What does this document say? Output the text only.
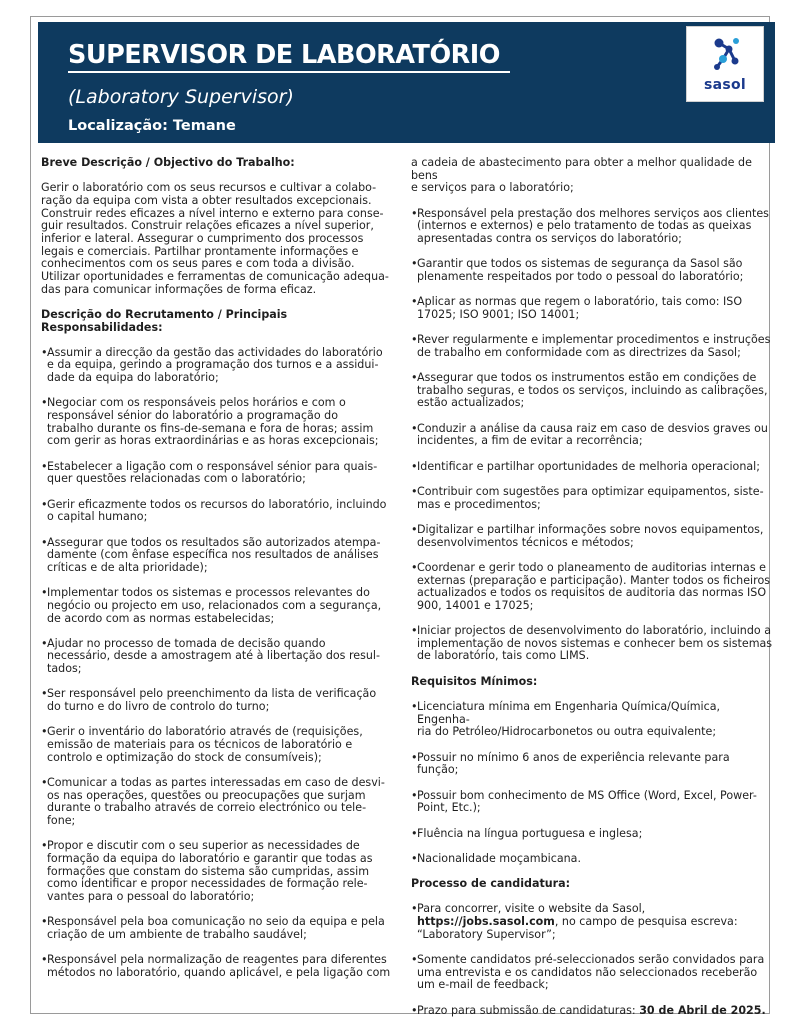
SUPERVISOR DE LABORATÓRIO
(Laboratory Supervisor)
Localização: Temane
sasol

Breve Descrição / Objectivo do Trabalho:

Gerir o laboratório com os seus recursos e cultivar a colabo-

ração da equipa com vista a obter resultados excepcionais.

Construir redes eficazes a nível interno e externo para conse-

guir resultados. Construir relações eficazes a nível superior,

inferior e lateral. Assegurar o cumprimento dos processos

legais e comerciais. Partilhar prontamente informações e

conhecimentos com os seus pares e com toda a divisão.

Utilizar oportunidades e ferramentas de comunicação adequa-

das para comunicar informações de forma eficaz.

Descrição do Recrutamento / Principais Responsabilidades:

• Assumir a direcção da gestão das actividades do laboratório

e da equipa, gerindo a programação dos turnos e a assidui-

dade da equipa do laboratório;

• Negociar com os responsáveis pelos horários e com o

responsável sénior do laboratório a programação do

trabalho durante os fins-de-semana e fora de horas; assim

com gerir as horas extraordinárias e as horas excepcionais;

• Estabelecer a ligação com o responsável sénior para quais-

quer questões relacionadas com o laboratório;

• Gerir eficazmente todos os recursos do laboratório, incluindo

o capital humano;

• Assegurar que todos os resultados são autorizados atempa-

damente (com ênfase específica nos resultados de análises

críticas e de alta prioridade);

• Implementar todos os sistemas e processos relevantes do

negócio ou projecto em uso, relacionados com a segurança,

de acordo com as normas estabelecidas;

• Ajudar no processo de tomada de decisão quando

necessário, desde a amostragem até à libertação dos resul-

tados;

• Ser responsável pelo preenchimento da lista de verificação

do turno e do livro de controlo do turno;

• Gerir o inventário do laboratório através de (requisições,

emissão de materiais para os técnicos de laboratório e

controlo e optimização do stock de consumíveis);

• Comunicar a todas as partes interessadas em caso de desvi-

os nas operações, questões ou preocupações que surjam

durante o trabalho através de correio electrónico ou tele-

fone;

• Propor e discutir com o seu superior as necessidades de

formação da equipa do laboratório e garantir que todas as

formações que constam do sistema são cumpridas, assim

como identificar e propor necessidades de formação rele-

vantes para o pessoal do laboratório;

• Responsável pela boa comunicação no seio da equipa e pela

criação de um ambiente de trabalho saudável;

• Responsável pela normalização de reagentes para diferentes

métodos no laboratório, quando aplicável, e pela ligação com

a cadeia de abastecimento para obter a melhor qualidade de bens

e serviços para o laboratório;

• Responsável pela prestação dos melhores serviços aos clientes

(internos e externos) e pelo tratamento de todas as queixas

apresentadas contra os serviços do laboratório;

• Garantir que todos os sistemas de segurança da Sasol são

plenamente respeitados por todo o pessoal do laboratório;

• Aplicar as normas que regem o laboratório, tais como: ISO

17025; ISO 9001; ISO 14001;

• Rever regularmente e implementar procedimentos e instruções

de trabalho em conformidade com as directrizes da Sasol;

• Assegurar que todos os instrumentos estão em condições de

trabalho seguras, e todos os serviços, incluindo as calibrações,

estão actualizados;

• Conduzir a análise da causa raiz em caso de desvios graves ou

incidentes, a fim de evitar a recorrência;

• Identificar e partilhar oportunidades de melhoria operacional;

• Contribuir com sugestões para optimizar equipamentos, siste-

mas e procedimentos;

• Digitalizar e partilhar informações sobre novos equipamentos,

desenvolvimentos técnicos e métodos;

• Coordenar e gerir todo o planeamento de auditorias internas e

externas (preparação e participação). Manter todos os ficheiros

actualizados e todos os requisitos de auditoria das normas ISO

900, 14001 e 17025;

• Iniciar projectos de desenvolvimento do laboratório, incluindo a

implementação de novos sistemas e conhecer bem os sistemas

de laboratório, tais como LIMS.

Requisitos Mínimos:

• Licenciatura mínima em Engenharia Química/Química, Engenha-

ria do Petróleo/Hidrocarbonetos ou outra equivalente;

• Possuir no mínimo 6 anos de experiência relevante para função;

• Possuir bom conhecimento de MS Office (Word, Excel, Power-

Point, Etc.);

• Fluência na língua portuguesa e inglesa;

• Nacionalidade moçambicana.

Processo de candidatura:

• Para concorrer, visite o website da Sasol,

https://jobs.sasol.com, no campo de pesquisa escreva:

“Laboratory Supervisor”;

• Somente candidatos pré-seleccionados serão convidados para

uma entrevista e os candidatos não seleccionados receberão

um e-mail de feedback;

• Prazo para submissão de candidaturas: 30 de Abril de 2025.
